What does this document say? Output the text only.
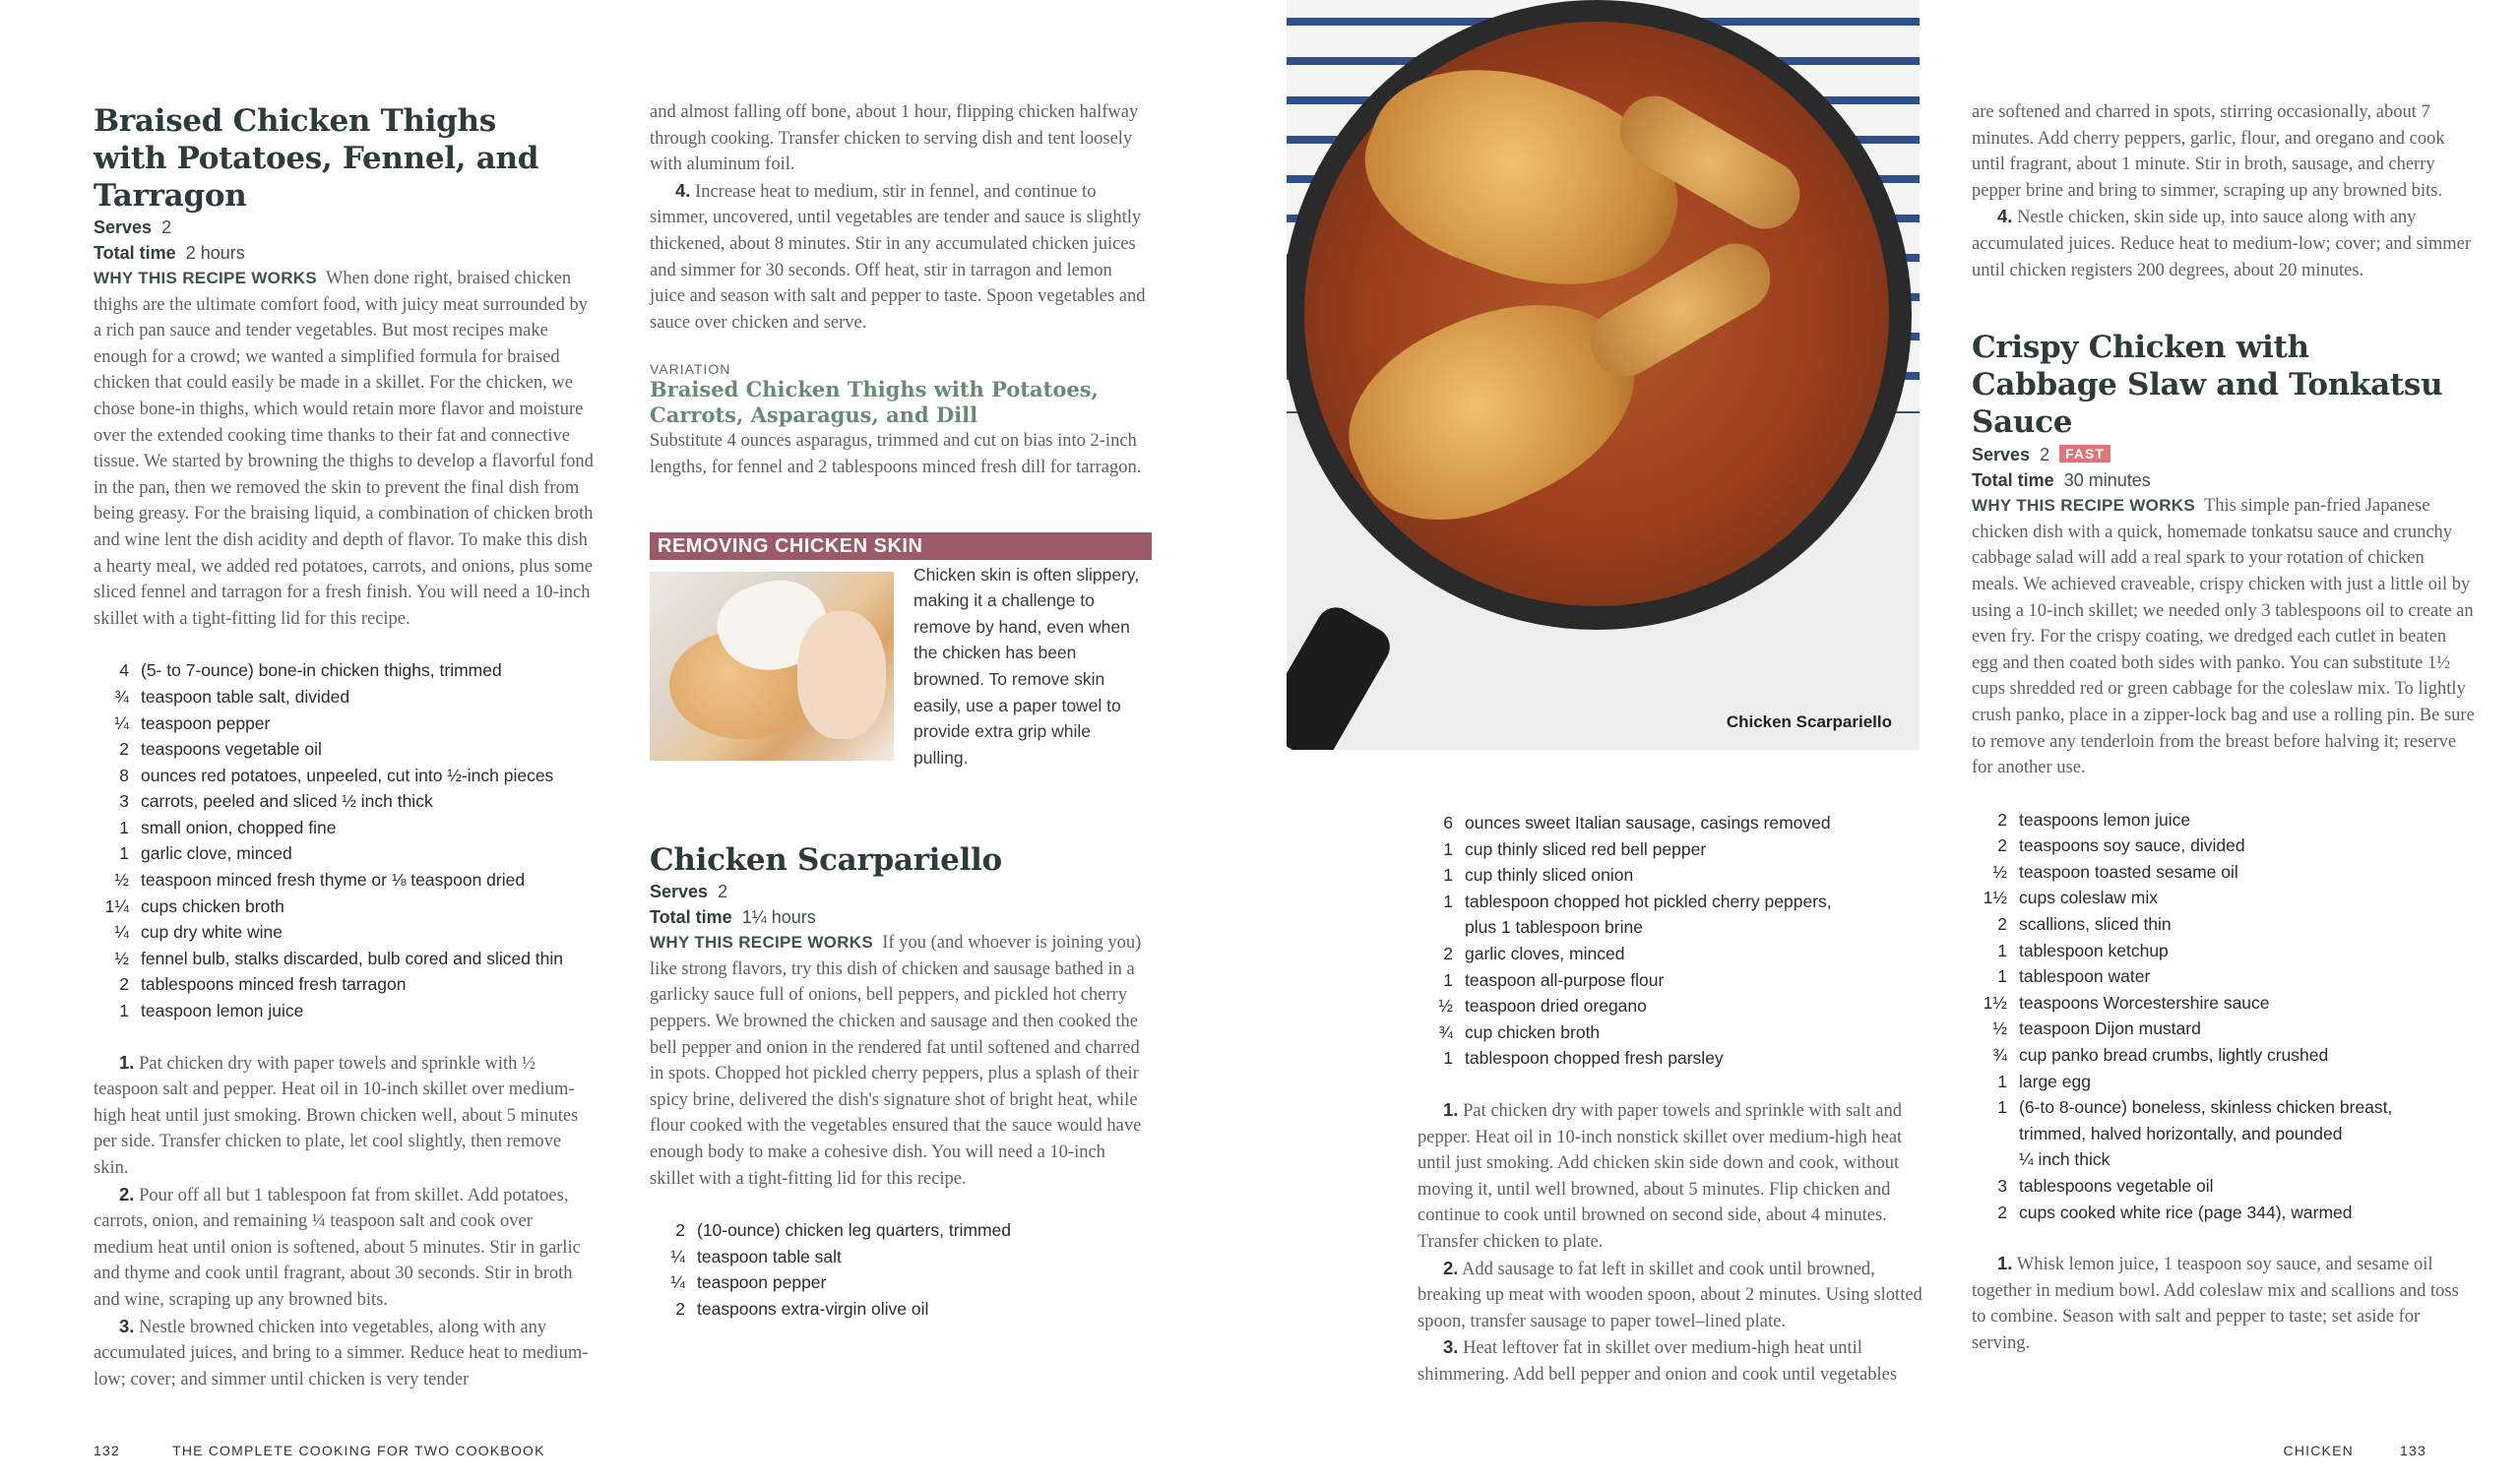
Braised Chicken Thighs with Potatoes, Fennel, and Tarragon
Serves 2
Total time 2 hours
WHY THIS RECIPE WORKS When done right, braised chicken thighs are the ultimate comfort food, with juicy meat surrounded by a rich pan sauce and tender vegetables. But most recipes make enough for a crowd; we wanted a simplified formula for braised chicken that could easily be made in a skillet. For the chicken, we chose bone-in thighs, which would retain more flavor and moisture over the extended cooking time thanks to their fat and connective tissue. We started by browning the thighs to develop a flavorful fond in the pan, then we removed the skin to prevent the final dish from being greasy. For the braising liquid, a combination of chicken broth and wine lent the dish acidity and depth of flavor. To make this dish a hearty meal, we added red potatoes, carrots, and onions, plus some sliced fennel and tarragon for a fresh finish. You will need a 10-inch skillet with a tight-fitting lid for this recipe.
4 (5- to 7-ounce) bone-in chicken thighs, trimmed
¾ teaspoon table salt, divided
¼ teaspoon pepper
2 teaspoons vegetable oil
8 ounces red potatoes, unpeeled, cut into ½-inch pieces
3 carrots, peeled and sliced ½ inch thick
1 small onion, chopped fine
1 garlic clove, minced
½ teaspoon minced fresh thyme or ⅛ teaspoon dried
1¼ cups chicken broth
¼ cup dry white wine
½ fennel bulb, stalks discarded, bulb cored and sliced thin
2 tablespoons minced fresh tarragon
1 teaspoon lemon juice
1. Pat chicken dry with paper towels and sprinkle with ½ teaspoon salt and pepper. Heat oil in 10-inch skillet over medium-high heat until just smoking. Brown chicken well, about 5 minutes per side. Transfer chicken to plate, let cool slightly, then remove skin.
2. Pour off all but 1 tablespoon fat from skillet. Add potatoes, carrots, onion, and remaining ¼ teaspoon salt and cook over medium heat until onion is softened, about 5 minutes. Stir in garlic and thyme and cook until fragrant, about 30 seconds. Stir in broth and wine, scraping up any browned bits.
3. Nestle browned chicken into vegetables, along with any accumulated juices, and bring to a simmer. Reduce heat to medium-low; cover; and simmer until chicken is very tender
and almost falling off bone, about 1 hour, flipping chicken halfway through cooking. Transfer chicken to serving dish and tent loosely with aluminum foil.
4. Increase heat to medium, stir in fennel, and continue to simmer, uncovered, until vegetables are tender and sauce is slightly thickened, about 8 minutes. Stir in any accumulated chicken juices and simmer for 30 seconds. Off heat, stir in tarragon and lemon juice and season with salt and pepper to taste. Spoon vegetables and sauce over chicken and serve.
VARIATION
Braised Chicken Thighs with Potatoes, Carrots, Asparagus, and Dill
Substitute 4 ounces asparagus, trimmed and cut on bias into 2-inch lengths, for fennel and 2 tablespoons minced fresh dill for tarragon.
REMOVING CHICKEN SKIN
Chicken skin is often slippery, making it a challenge to remove by hand, even when the chicken has been browned. To remove skin easily, use a paper towel to provide extra grip while pulling.
Chicken Scarpariello
Serves 2
Total time 1¼ hours
WHY THIS RECIPE WORKS If you (and whoever is joining you) like strong flavors, try this dish of chicken and sausage bathed in a garlicky sauce full of onions, bell peppers, and pickled hot cherry peppers. We browned the chicken and sausage and then cooked the bell pepper and onion in the rendered fat until softened and charred in spots. Chopped hot pickled cherry peppers, plus a splash of their spicy brine, delivered the dish's signature shot of bright heat, while flour cooked with the vegetables ensured that the sauce would have enough body to make a cohesive dish. You will need a 10-inch skillet with a tight-fitting lid for this recipe.
2 (10-ounce) chicken leg quarters, trimmed
¼ teaspoon table salt
¼ teaspoon pepper
2 teaspoons extra-virgin olive oil
132	THE COMPLETE COOKING FOR TWO COOKBOOK
Chicken Scarpariello
6 ounces sweet Italian sausage, casings removed
1 cup thinly sliced red bell pepper
1 cup thinly sliced onion
1 tablespoon chopped hot pickled cherry peppers,
plus 1 tablespoon brine
2 garlic cloves, minced
1 teaspoon all-purpose flour
½ teaspoon dried oregano
¾ cup chicken broth
1 tablespoon chopped fresh parsley
1. Pat chicken dry with paper towels and sprinkle with salt and pepper. Heat oil in 10-inch nonstick skillet over medium-high heat until just smoking. Add chicken skin side down and cook, without moving it, until well browned, about 5 minutes. Flip chicken and continue to cook until browned on second side, about 4 minutes. Transfer chicken to plate.
2. Add sausage to fat left in skillet and cook until browned, breaking up meat with wooden spoon, about 2 minutes. Using slotted spoon, transfer sausage to paper towel–lined plate.
3. Heat leftover fat in skillet over medium-high heat until shimmering. Add bell pepper and onion and cook until vegetables
are softened and charred in spots, stirring occasionally, about 7 minutes. Add cherry peppers, garlic, flour, and oregano and cook until fragrant, about 1 minute. Stir in broth, sausage, and cherry pepper brine and bring to simmer, scraping up any browned bits.
4. Nestle chicken, skin side up, into sauce along with any accumulated juices. Reduce heat to medium-low; cover; and simmer until chicken registers 200 degrees, about 20 minutes.
Crispy Chicken with Cabbage Slaw and Tonkatsu Sauce
Serves 2 FAST
Total time 30 minutes
WHY THIS RECIPE WORKS This simple pan-fried Japanese chicken dish with a quick, homemade tonkatsu sauce and crunchy cabbage salad will add a real spark to your rotation of chicken meals. We achieved craveable, crispy chicken with just a little oil by using a 10-inch skillet; we needed only 3 tablespoons oil to create an even fry. For the crispy coating, we dredged each cutlet in beaten egg and then coated both sides with panko. You can substitute 1½ cups shredded red or green cabbage for the coleslaw mix. To lightly crush panko, place in a zipper-lock bag and use a rolling pin. Be sure to remove any tenderloin from the breast before halving it; reserve for another use.
2 teaspoons lemon juice
2 teaspoons soy sauce, divided
½ teaspoon toasted sesame oil
1½ cups coleslaw mix
2 scallions, sliced thin
1 tablespoon ketchup
1 tablespoon water
1½ teaspoons Worcestershire sauce
½ teaspoon Dijon mustard
¾ cup panko bread crumbs, lightly crushed
1 large egg
1 (6-to 8-ounce) boneless, skinless chicken breast,
trimmed, halved horizontally, and pounded
¼ inch thick
3 tablespoons vegetable oil
2 cups cooked white rice (page 344), warmed
1. Whisk lemon juice, 1 teaspoon soy sauce, and sesame oil together in medium bowl. Add coleslaw mix and scallions and toss to combine. Season with salt and pepper to taste; set aside for serving.
CHICKEN	133
